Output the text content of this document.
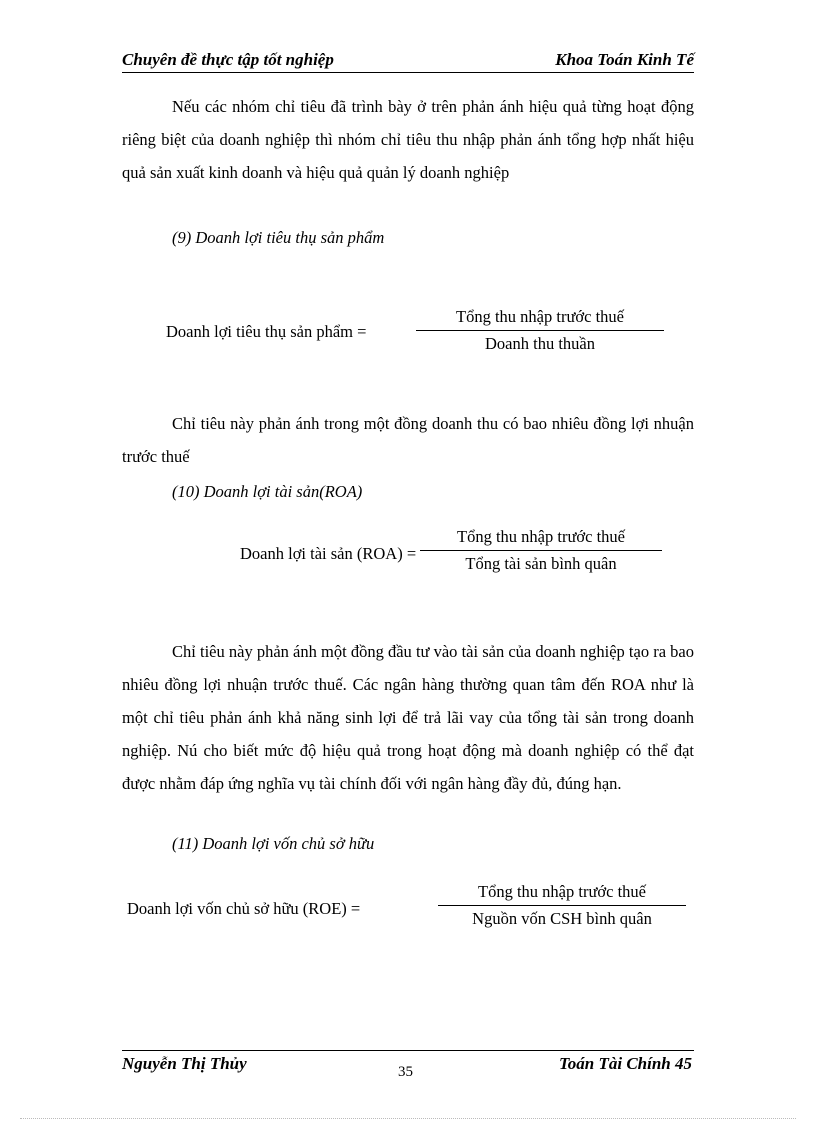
Chuyên đề thực tập tốt nghiệp	Khoa Toán Kinh Tế

Nếu các nhóm chỉ tiêu đã trình bày ở trên phản ánh hiệu quả từng hoạt động riêng biệt của doanh nghiệp thì nhóm chỉ tiêu thu nhập phản ánh tổng hợp nhất hiệu quả sản xuất kinh doanh và hiệu quả quản lý doanh nghiệp

(9) Doanh lợi tiêu thụ sản phẩm
Doanh lợi tiêu thụ sản phẩm =
Tổng thu nhập trước thuế
Doanh thu thuần

Chỉ tiêu này phản ánh trong một đồng doanh thu có bao nhiêu đồng lợi nhuận trước thuế

(10) Doanh lợi tài sản(ROA)
Doanh lợi tài sản (ROA) =
Tổng thu nhập trước thuế
Tổng tài sản bình quân

Chỉ tiêu này phản ánh một đồng đầu tư vào tài sản của doanh nghiệp tạo ra bao nhiêu đồng lợi nhuận trước thuế. Các ngân hàng thường quan tâm đến ROA như là một chỉ tiêu phản ánh khả năng sinh lợi để trả lãi vay của tổng tài sản trong doanh nghiệp. Nú cho biết mức độ hiệu quả trong hoạt động mà doanh nghiệp có thể đạt được nhằm đáp ứng nghĩa vụ tài chính đối với ngân hàng đầy đủ, đúng hạn.

(11) Doanh lợi vốn chủ sở hữu
Doanh lợi vốn chủ sở hữu (ROE) =
Tổng thu nhập trước thuế
Nguồn vốn CSH bình quân
Nguyễn Thị Thủy	35	Toán Tài Chính 45
